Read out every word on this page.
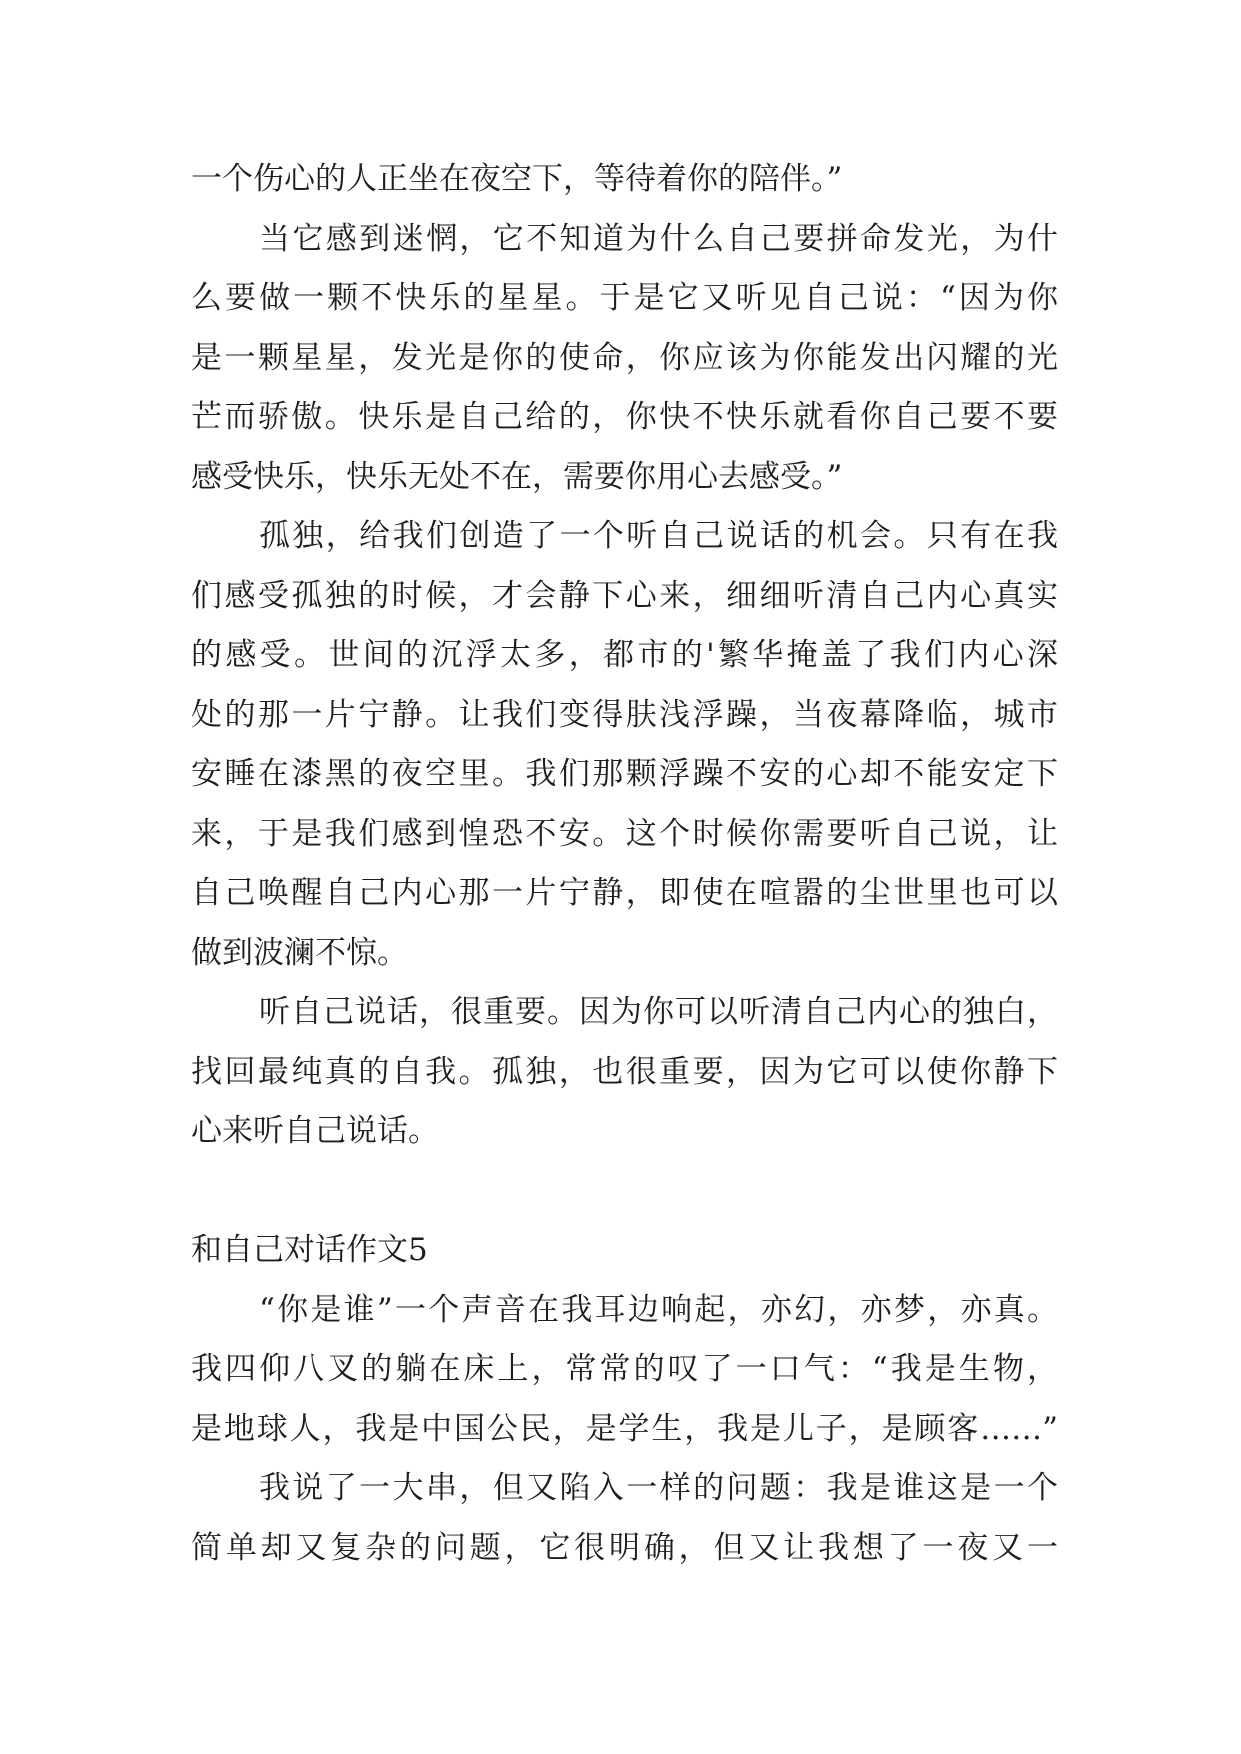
一个伤心的人正坐在夜空下，等待着你的陪伴。”
当它感到迷惘，它不知道为什么自己要拼命发光，为什
么要做一颗不快乐的星星。于是它又听见自己说：“因为你
是一颗星星，发光是你的使命，你应该为你能发出闪耀的光
芒而骄傲。快乐是自己给的，你快不快乐就看你自己要不要
感受快乐，快乐无处不在，需要你用心去感受。”
孤独，给我们创造了一个听自己说话的机会。只有在我
们感受孤独的时候，才会静下心来，细细听清自己内心真实
的感受。世间的沉浮太多，都市的'繁华掩盖了我们内心深
处的那一片宁静。让我们变得肤浅浮躁，当夜幕降临，城市
安睡在漆黑的夜空里。我们那颗浮躁不安的心却不能安定下
来，于是我们感到惶恐不安。这个时候你需要听自己说，让
自己唤醒自己内心那一片宁静，即使在喧嚣的尘世里也可以
做到波澜不惊。
听自己说话，很重要。因为你可以听清自己内心的独白，
找回最纯真的自我。孤独，也很重要，因为它可以使你静下
心来听自己说话。
和自己对话作文5
“你是谁”一个声音在我耳边响起，亦幻，亦梦，亦真。
我四仰八叉的躺在床上，常常的叹了一口气：“我是生物，
是地球人，我是中国公民，是学生，我是儿子，是顾客……”
我说了一大串，但又陷入一样的问题：我是谁这是一个
简单却又复杂的问题，它很明确，但又让我想了一夜又一
